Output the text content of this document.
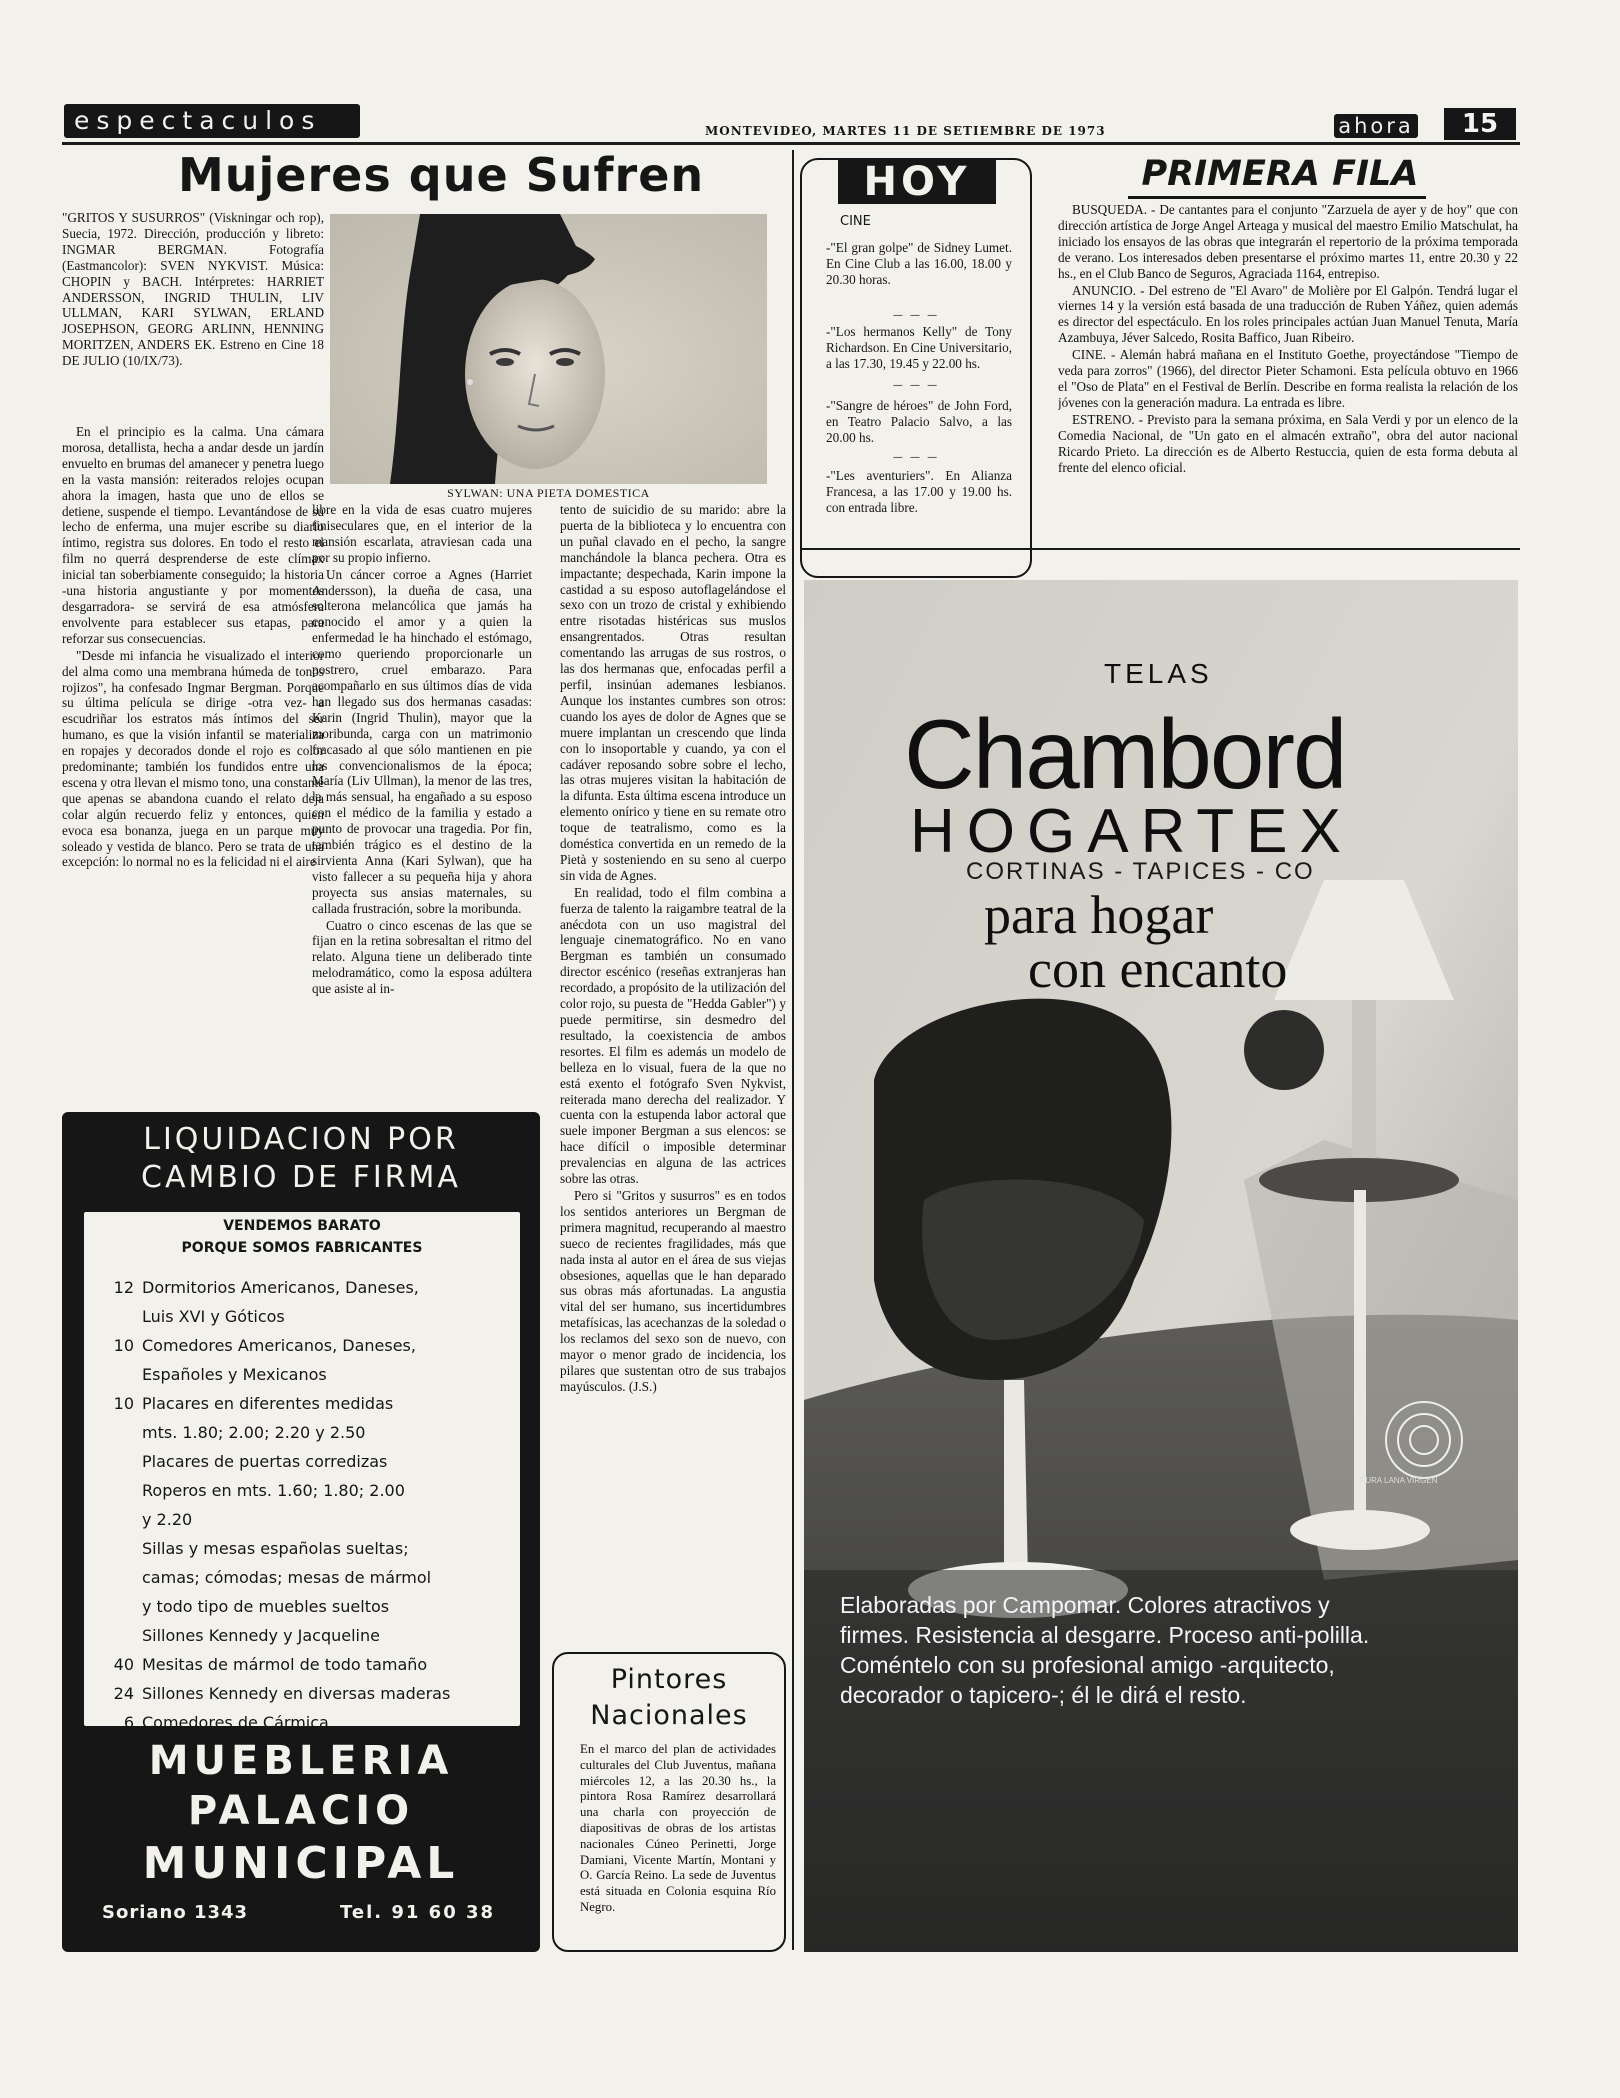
espectaculos	MONTEVIDEO, MARTES 11 DE SETIEMBRE DE 1973	ahora	15
Mujeres que Sufren
"GRITOS Y SUSURROS" (Viskningar och rop), Suecia, 1972. Dirección, producción y libreto: INGMAR BERGMAN. Fotografía (Eastmancolor): SVEN NYKVIST. Música: CHOPIN y BACH. Intérpretes: HARRIET ANDERSSON, INGRID THULIN, LIV ULLMAN, KARI SYLWAN, ERLAND JOSEPHSON, GEORG ARLINN, HENNING MORITZEN, ANDERS EK. Estreno en Cine 18 DE JULIO (10/IX/73).
SYLWAN: UNA PIETA DOMESTICA

En el principio es la calma. Una cámara morosa, detallista, hecha a andar desde un jardín envuelto en brumas del amanecer y penetra luego en la vasta mansión: reiterados relojes ocupan ahora la imagen, hasta que uno de ellos se detiene, suspende el tiempo. Levantándose de su lecho de enferma, una mujer escribe su diario íntimo, registra sus dolores. En todo el resto el film no querrá desprenderse de este clímax inicial tan soberbiamente conseguido; la historia -una historia angustiante y por momentos desgarradora- se servirá de esa atmósfera envolvente para establecer sus etapas, para reforzar sus consecuencias.

"Desde mi infancia he visualizado el interior del alma como una membrana húmeda de tonos rojizos", ha confesado Ingmar Bergman. Porque su última película se dirige -otra vez- a escudriñar los estratos más íntimos del ser humano, es que la visión infantil se materializa en ropajes y decorados donde el rojo es color predominante; también los fundidos entre una escena y otra llevan el mismo tono, una constante que apenas se abandona cuando el relato deja colar algún recuerdo feliz y entonces, quien evoca esa bonanza, juega en un parque muy soleado y vestida de blanco. Pero se trata de una excepción: lo normal no es la felicidad ni el aire

libre en la vida de esas cuatro mujeres finiseculares que, en el interior de la mansión escarlata, atraviesan cada una por su propio infierno.

Un cáncer corroe a Agnes (Harriet Andersson), la dueña de casa, una solterona melancólica que jamás ha conocido el amor y a quien la enfermedad le ha hinchado el estómago, como queriendo proporcionarle un postrero, cruel embarazo. Para acompañarlo en sus últimos días de vida han llegado sus dos hermanas casadas: Karin (Ingrid Thulin), mayor que la moribunda, carga con un matrimonio fracasado al que sólo mantienen en pie los convencionalismos de la época; María (Liv Ullman), la menor de las tres, la más sensual, ha engañado a su esposo con el médico de la familia y estado a punto de provocar una tragedia. Por fin, también trágico es el destino de la sirvienta Anna (Kari Sylwan), que ha visto fallecer a su pequeña hija y ahora proyecta sus ansias maternales, su callada frustración, sobre la moribunda.

Cuatro o cinco escenas de las que se fijan en la retina sobresaltan el ritmo del relato. Alguna tiene un deliberado tinte melodramático, como la esposa adúltera que asiste al in-

tento de suicidio de su marido: abre la puerta de la biblioteca y lo encuentra con un puñal clavado en el pecho, la sangre manchándole la blanca pechera. Otra es impactante; despechada, Karin impone la castidad a su esposo autoflagelándose el sexo con un trozo de cristal y exhibiendo entre risotadas histéricas sus muslos ensangrentados. Otras resultan comentando las arrugas de sus rostros, o las dos hermanas que, enfocadas perfil a perfil, insinúan ademanes lesbianos. Aunque los instantes cumbres son otros: cuando los ayes de dolor de Agnes que se muere implantan un crescendo que linda con lo insoportable y cuando, ya con el cadáver reposando sobre sobre el lecho, las otras mujeres visitan la habitación de la difunta. Esta última escena introduce un elemento onírico y tiene en su remate otro toque de teatralismo, como es la doméstica convertida en un remedo de la Pietà y sosteniendo en su seno al cuerpo sin vida de Agnes.

En realidad, todo el film combina a fuerza de talento la raigambre teatral de la anécdota con un uso magistral del lenguaje cinematográfico. No en vano Bergman es también un consumado director escénico (reseñas extranjeras han recordado, a propósito de la utilización del color rojo, su puesta de "Hedda Gabler") y puede permitirse, sin desmedro del resultado, la coexistencia de ambos resortes. El film es además un modelo de belleza en lo visual, fuera de la que no está exento el fotógrafo Sven Nykvist, reiterada mano derecha del realizador. Y cuenta con la estupenda labor actoral que suele imponer Bergman a sus elencos: se hace difícil o imposible determinar prevalencias en alguna de las actrices sobre las otras.

Pero si "Gritos y susurros" es en todos los sentidos anteriores un Bergman de primera magnitud, recuperando al maestro sueco de recientes fragilidades, más que nada insta al autor en el área de sus viejas obsesiones, aquellas que le han deparado sus obras más afortunadas. La angustia vital del ser humano, sus incertidumbres metafísicas, las acechanzas de la soledad o los reclamos del sexo son de nuevo, con mayor o menor grado de incidencia, los pilares que sustentan otro de sus trabajos mayúsculos. (J.S.)

HOY
CINE
-"El gran golpe" de Sidney Lumet. En Cine Club a las 16.00, 18.00 y 20.30 horas.
— — —
-"Los hermanos Kelly" de Tony Richardson. En Cine Universitario, a las 17.30, 19.45 y 22.00 hs.
— — —
-"Sangre de héroes" de John Ford, en Teatro Palacio Salvo, a las 20.00 hs.
— — —
-"Les aventuriers". En Alianza Francesa, a las 17.00 y 19.00 hs. con entrada libre.
PRIMERA FILA

BUSQUEDA. - De cantantes para el conjunto "Zarzuela de ayer y de hoy" que con dirección artística de Jorge Angel Arteaga y musical del maestro Emilio Matschulat, ha iniciado los ensayos de las obras que integrarán el repertorio de la próxima temporada de verano. Los interesados deben presentarse el próximo martes 11, entre 20.30 y 22 hs., en el Club Banco de Seguros, Agraciada 1164, entrepiso.

ANUNCIO. - Del estreno de "El Avaro" de Molière por El Galpón. Tendrá lugar el viernes 14 y la versión está basada de una traducción de Ruben Yáñez, quien además es director del espectáculo. En los roles principales actúan Juan Manuel Tenuta, María Azambuya, Jéver Salcedo, Rosita Baffico, Juan Ribeiro.

CINE. - Alemán habrá mañana en el Instituto Goethe, proyectándose "Tiempo de veda para zorros" (1966), del director Pieter Schamoni. Esta película obtuvo en 1966 el "Oso de Plata" en el Festival de Berlín. Describe en forma realista la relación de los jóvenes con la generación madura. La entrada es libre.

ESTRENO. - Previsto para la semana próxima, en Sala Verdi y por un elenco de la Comedia Nacional, de "Un gato en el almacén extraño", obra del autor nacional Ricardo Prieto. La dirección es de Alberto Restuccia, quien de esta forma debuta al frente del elenco oficial.

TELAS
Chambord
HOGARTEX
CORTINAS - TAPICES - CO
para hogar
con encanto
PURA LANA VIRGEN
Elaboradas por Campomar. Colores atractivos y
firmes. Resistencia al desgarre. Proceso anti-polilla.
Coméntelo con su profesional amigo -arquitecto,
decorador o tapicero-; él le dirá el resto.
LIQUIDACION POR
CAMBIO DE FIRMA
VENDEMOS BARATO
PORQUE SOMOS FABRICANTES
12 Dormitorios Americanos, Daneses,
Luis XVI y Góticos
10 Comedores Americanos, Daneses,
Españoles y Mexicanos
10 Placares en diferentes medidas
mts. 1.80; 2.00; 2.20 y 2.50
Placares de puertas corredizas
Roperos en mts. 1.60; 1.80; 2.00
y 2.20
Sillas y mesas españolas sueltas;
camas; cómodas; mesas de mármol
y todo tipo de muebles sueltos
Sillones Kennedy y Jacqueline
40 Mesitas de mármol de todo tamaño
24 Sillones Kennedy en diversas maderas
6 Comedores de Cármica
MUEBLERIA
PALACIO
MUNICIPAL
Soriano 1343	Tel. 91 60 38
Pintores
Nacionales
En el marco del plan de actividades culturales del Club Juventus, mañana miércoles 12, a las 20.30 hs., la pintora Rosa Ramírez desarrollará una charla con proyección de diapositivas de obras de los artistas nacionales Cúneo Perinetti, Jorge Damiani, Vicente Martín, Montani y O. García Reino. La sede de Juventus está situada en Colonia esquina Río Negro.
